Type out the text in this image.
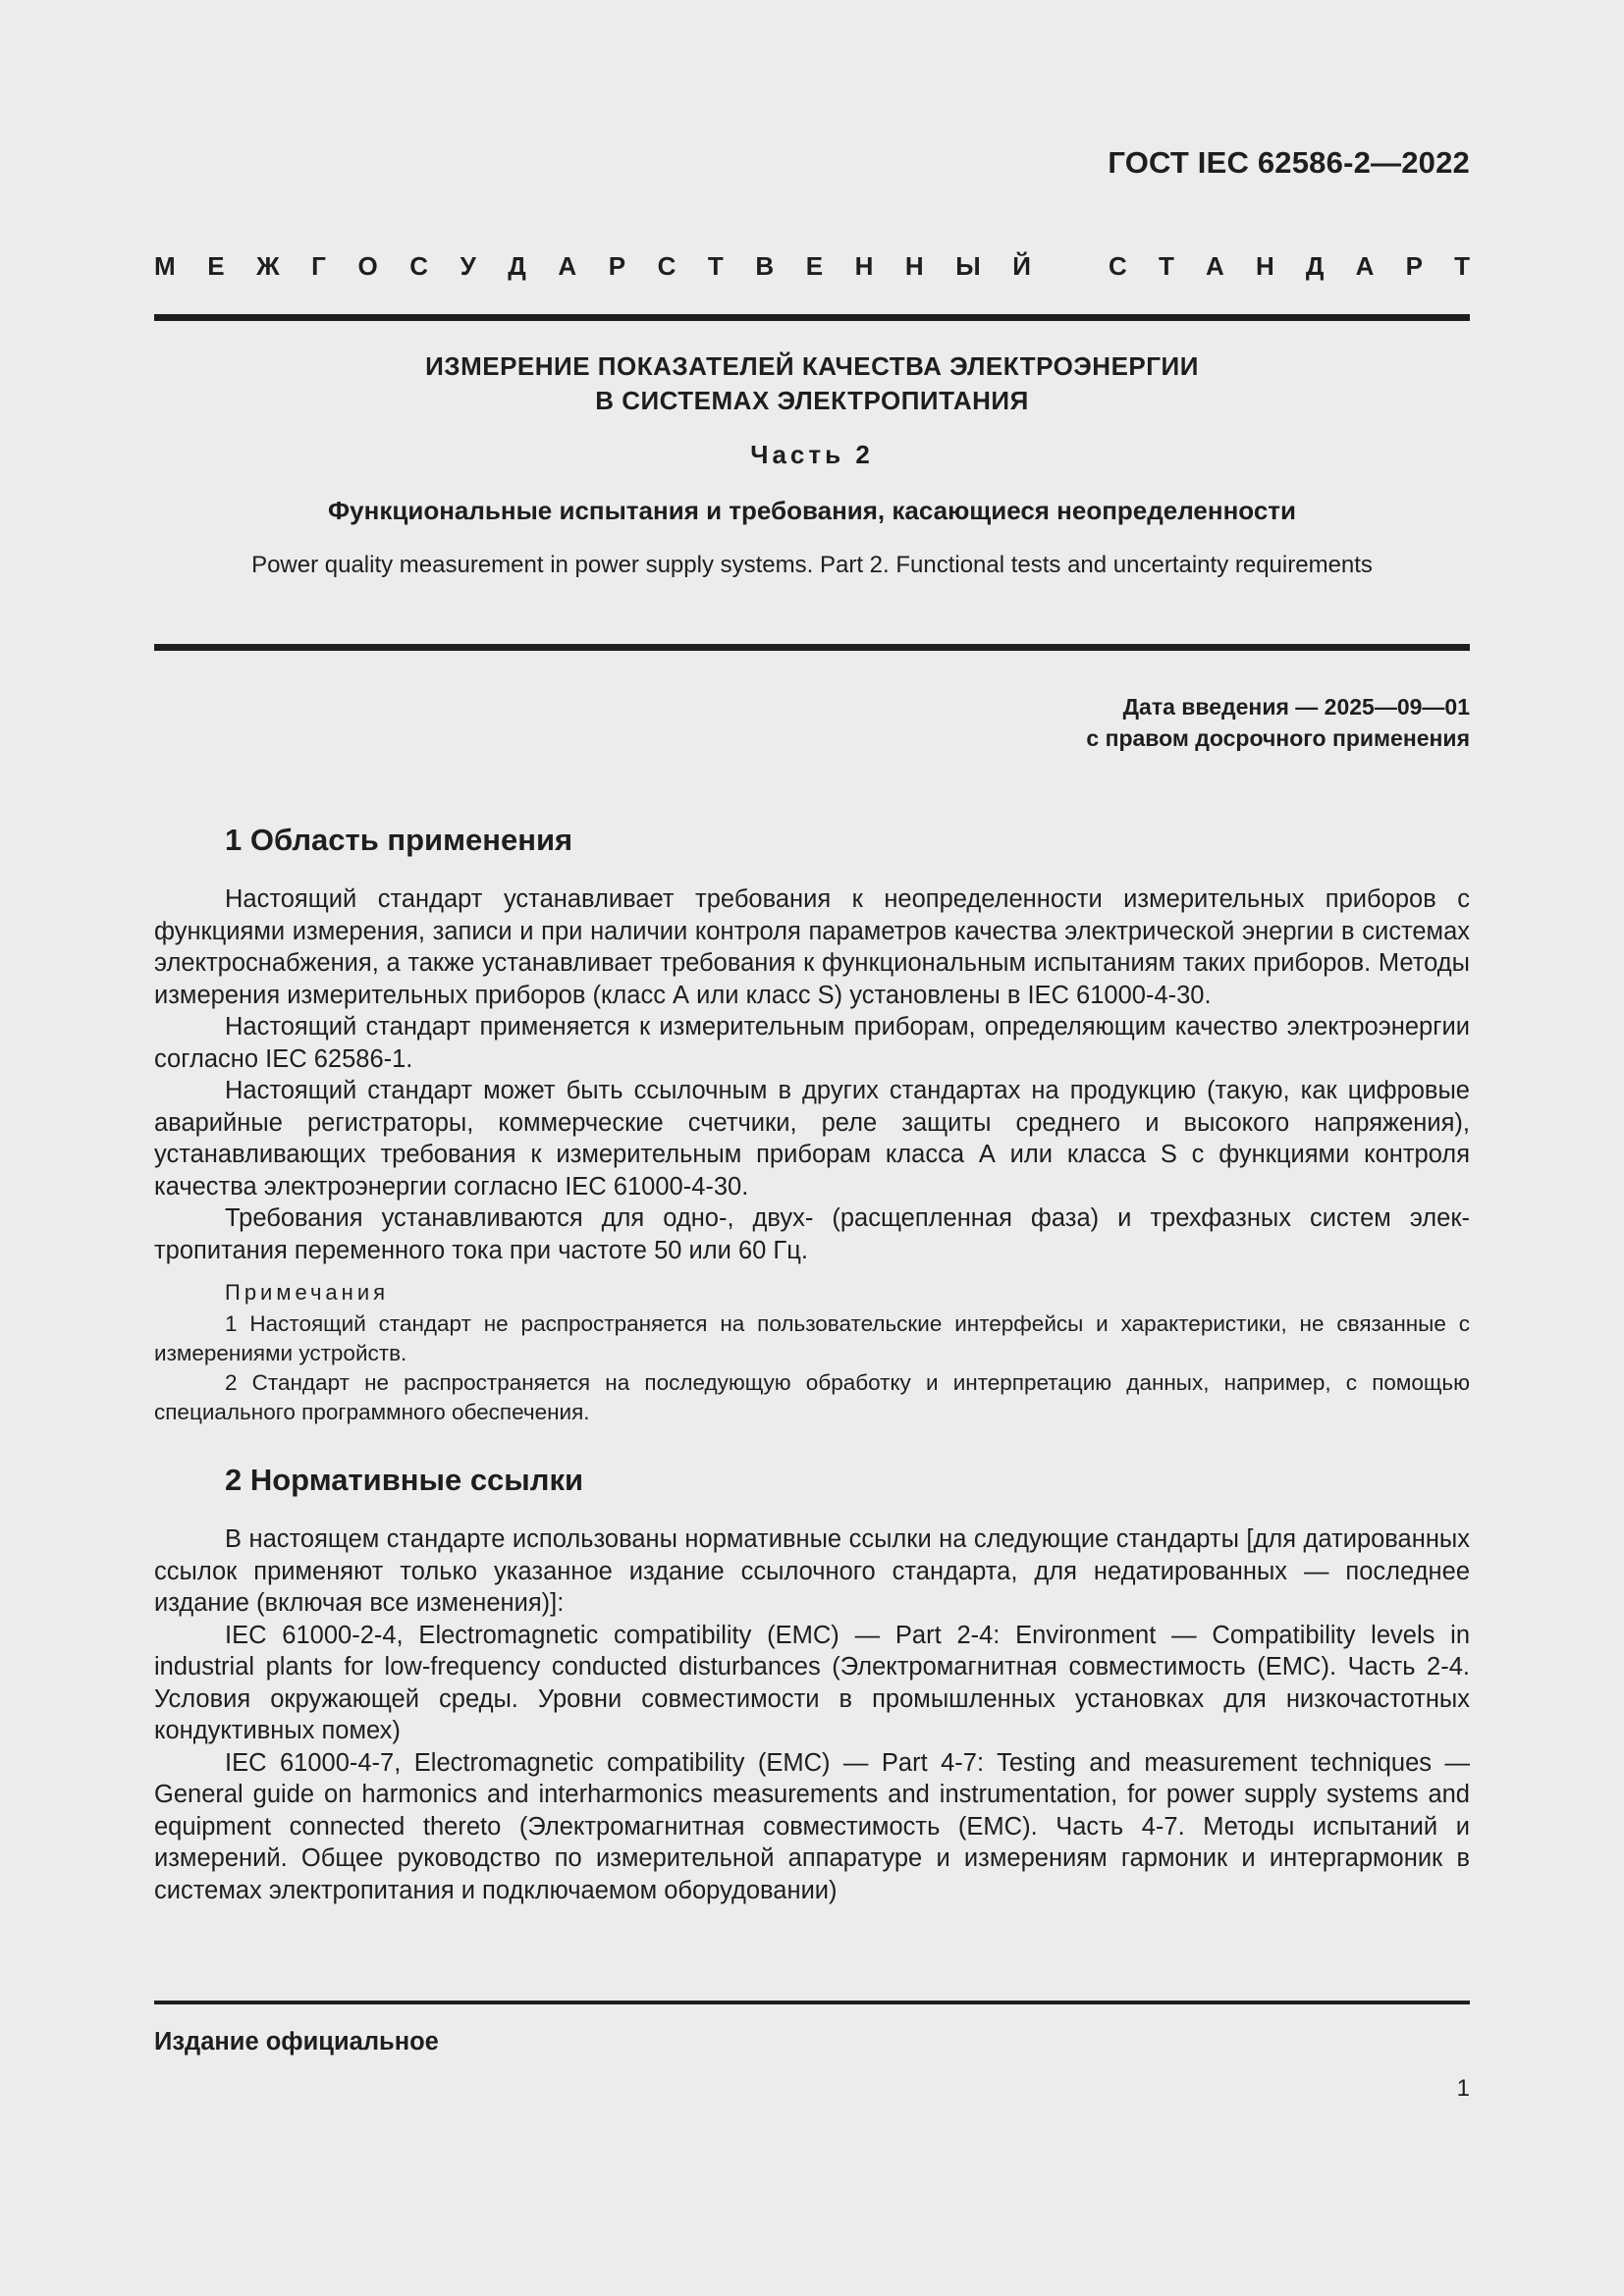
ГОСТ IEC 62586-2—2022
М Е Ж Г О С У Д А Р С Т В Е Н Н Ы Й	С Т А Н Д А Р Т
ИЗМЕРЕНИЕ ПОКАЗАТЕЛЕЙ КАЧЕСТВА ЭЛЕКТРОЭНЕРГИИ
В СИСТЕМАХ ЭЛЕКТРОПИТАНИЯ
Часть 2
Функциональные испытания и требования, касающиеся неопределенности
Power quality measurement in power supply systems. Part 2. Functional tests and uncertainty requirements
Дата введения — 2025—09—01
с правом досрочного применения
1 Область применения

Настоящий стандарт устанавливает требования к неопределенности измерительных приборов с функциями измерения, записи и при наличии контроля параметров качества электрической энергии в системах электроснабжения, а также устанавливает требования к функциональным испытаниям таких приборов. Методы измерения измерительных приборов (класс А или класс S) установлены в IEC 61000-4-30.

Настоящий стандарт применяется к измерительным приборам, определяющим качество электроэнергии согласно IEC 62586-1.

Настоящий стандарт может быть ссылочным в других стандартах на продукцию (такую, как цифровые аварийные регистраторы, коммерческие счетчики, реле защиты среднего и высокого напряжения), устанавливающих требования к измерительным приборам класса А или класса S с функциями контроля качества электроэнергии согласно IEC 61000-4-30.

Требования устанавливаются для одно-, двух- (расщепленная фаза) и трехфазных систем электропитания переменного тока при частоте 50 или 60 Гц.

Примечания

1 Настоящий стандарт не распространяется на пользовательские интерфейсы и характеристики, не связанные с измерениями устройств.

2 Стандарт не распространяется на последующую обработку и интерпретацию данных, например, с помощью специального программного обеспечения.

2 Нормативные ссылки

В настоящем стандарте использованы нормативные ссылки на следующие стандарты [для датированных ссылок применяют только указанное издание ссылочного стандарта, для недатированных — последнее издание (включая все изменения)]:

IEC 61000-2-4, Electromagnetic compatibility (EMC) — Part 2-4: Environment — Compatibility levels in industrial plants for low-frequency conducted disturbances (Электромагнитная совместимость (EMC). Часть 2-4. Условия окружающей среды. Уровни совместимости в промышленных установках для низкочастотных кондуктивных помех)

IEC 61000-4-7, Electromagnetic compatibility (EMC) — Part 4-7: Testing and measurement techniques — General guide on harmonics and interharmonics measurements and instrumentation, for power supply systems and equipment connected thereto (Электромагнитная совместимость (EMC). Часть 4-7. Методы испытаний и измерений. Общее руководство по измерительной аппаратуре и измерениям гармоник и интергармоник в системах электропитания и подключаемом оборудовании)

Издание официальное
1
